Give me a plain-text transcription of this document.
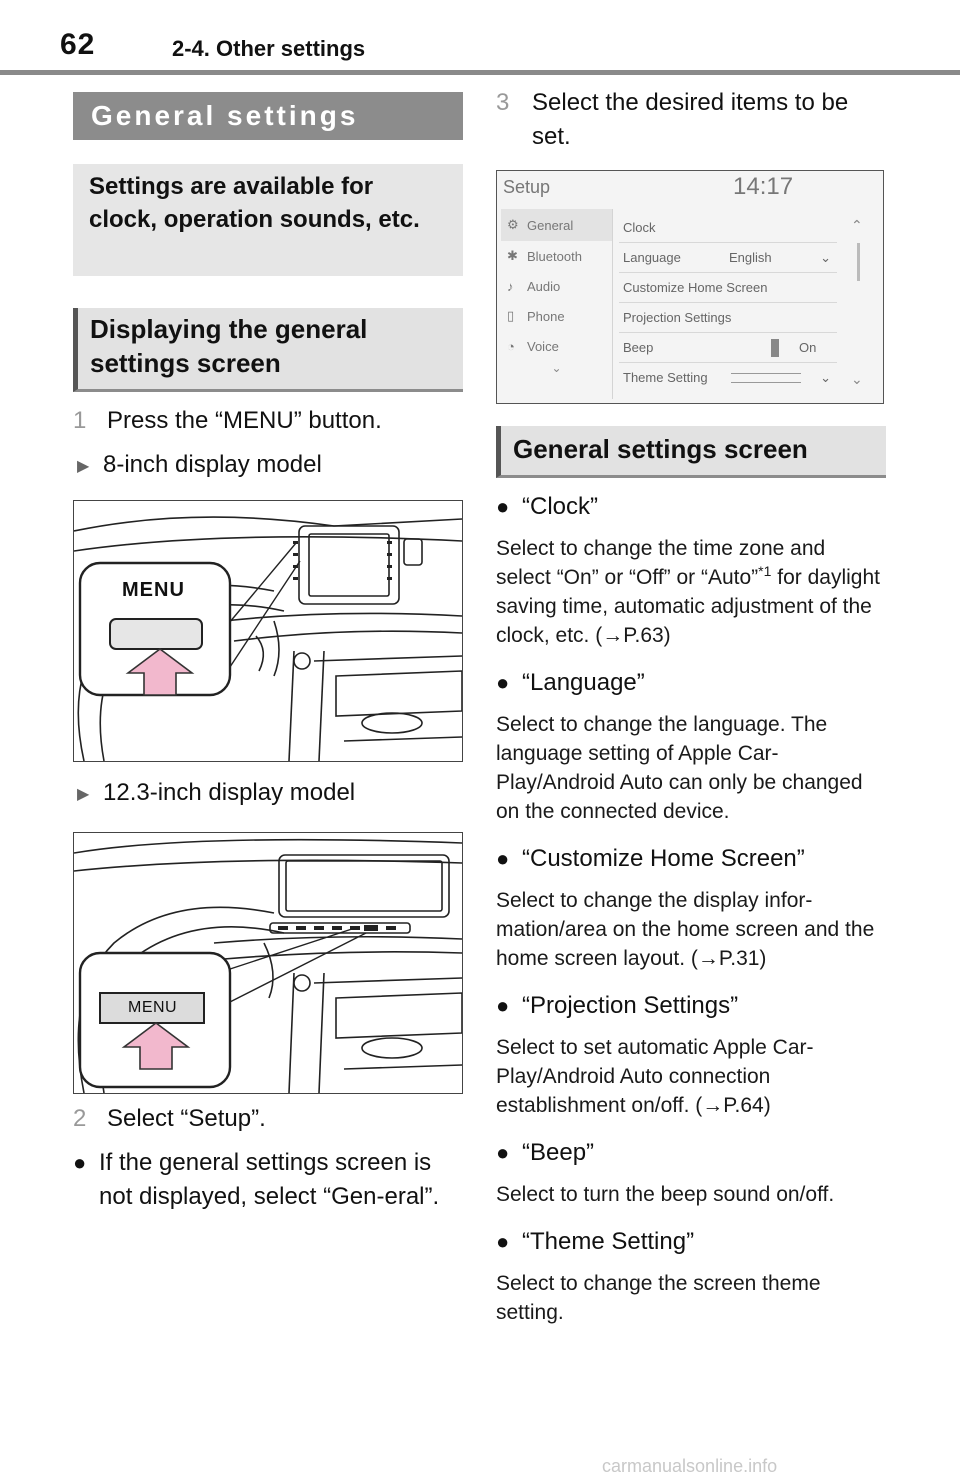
62	2-4. Other settings
General settings
Settings are available for clock, operation sounds, etc.
Displaying the general settings screen
1 Press the “MENU” button.
▶ 8-inch display model
MENU
▶ 12.3-inch display model
MENU
2 Select “Setup”.
● If the general settings screen is not displayed, select “Gen-eral”.
3 Select the desired items to be set.
Setup	14:17
⚙ General
✱ Bluetooth
♪	Audio
▯ Phone
◔ Voice
⌄
Clock
Language	English	⌄
Customize Home Screen
Projection Settings
Beep	On
Theme Setting	⌄
⌃
⌄
General settings screen
● “Clock”
Select to change the time zone and select “On” or “Off” or “Auto”$^{*1}$ for daylight saving time, automatic adjustment of the clock, etc. (→P.63)
● “Language”
Select to change the language. The language setting of Apple Car-Play/Android Auto can only be changed on the connected device.
● “Customize Home Screen”
Select to change the display infor-mation/area on the home screen and the home screen layout. (→P.31)
● “Projection Settings”
Select to set automatic Apple Car-Play/Android Auto connection establishment on/off. (→P.64)
● “Beep”
Select to turn the beep sound on/off.
● “Theme Setting”
Select to change the screen theme setting.
carmanualsonline.info
